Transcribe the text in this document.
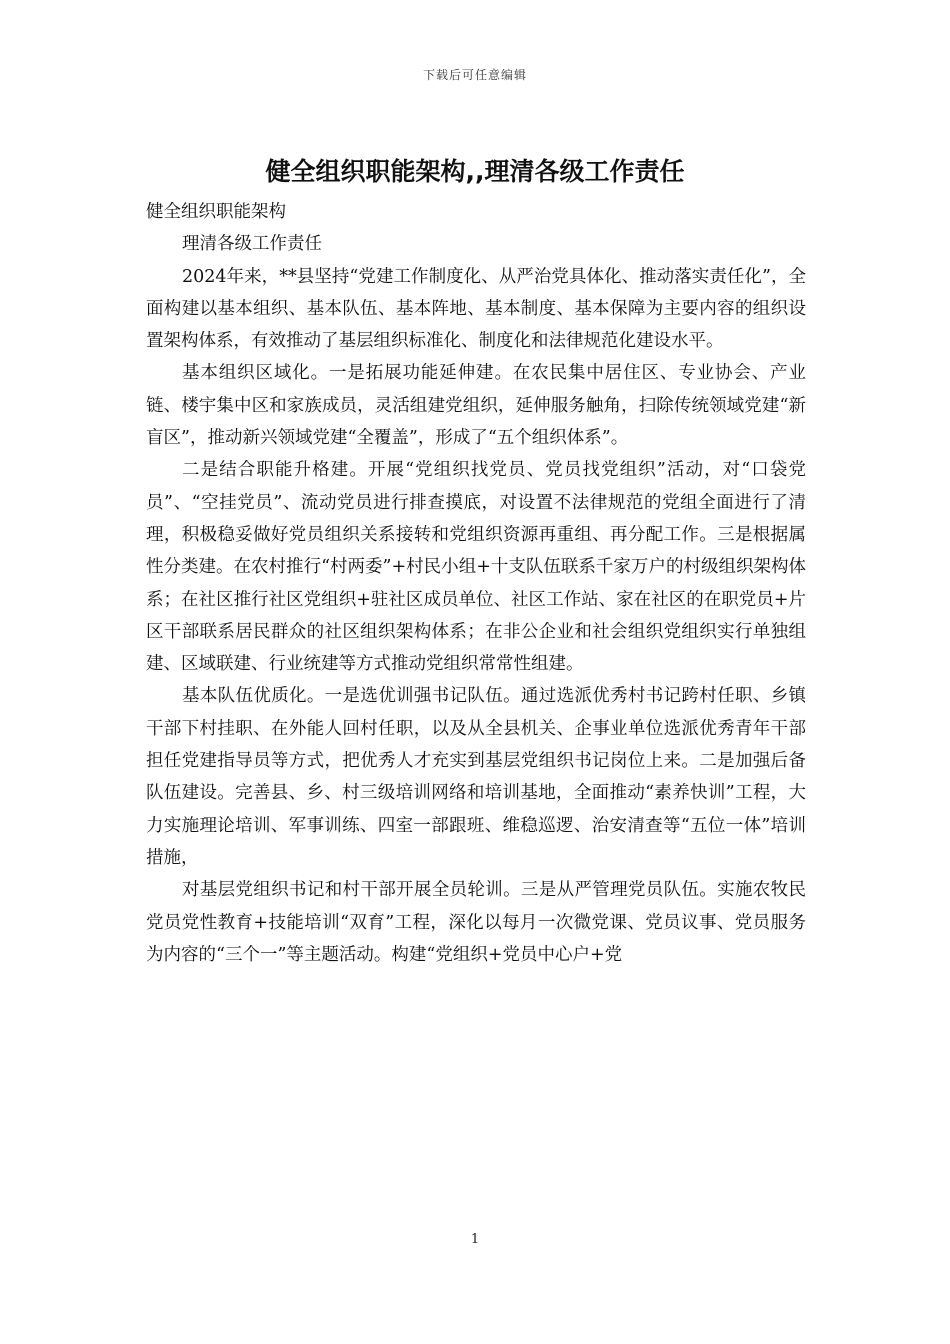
下载后可任意编辑
健全组织职能架构,,理清各级工作责任

健全组织职能架构

理清各级工作责任

2024年来，**县坚持“党建工作制度化、从严治党具体化、推动落实责任化”，全面构建以基本组织、基本队伍、基本阵地、基本制度、基本保障为主要内容的组织设置架构体系，有效推动了基层组织标准化、制度化和法律规范化建设水平。

基本组织区域化。一是拓展功能延伸建。在农民集中居住区、专业协会、产业链、楼宇集中区和家族成员，灵活组建党组织，延伸服务触角，扫除传统领域党建“新盲区”，推动新兴领域党建“全覆盖”，形成了“五个组织体系”。

二是结合职能升格建。开展“党组织找党员、党员找党组织”活动，对“口袋党员”、“空挂党员”、流动党员进行排查摸底，对设置不法律规范的党组全面进行了清理，积极稳妥做好党员组织关系接转和党组织资源再重组、再分配工作。三是根据属性分类建。在农村推行“村两委”+村民小组+十支队伍联系千家万户的村级组织架构体系；在社区推行社区党组织+驻社区成员单位、社区工作站、家在社区的在职党员+片区干部联系居民群众的社区组织架构体系；在非公企业和社会组织党组织实行单独组建、区域联建、行业统建等方式推动党组织常常性组建。

基本队伍优质化。一是选优训强书记队伍。通过选派优秀村书记跨村任职、乡镇干部下村挂职、在外能人回村任职，以及从全县机关、企事业单位选派优秀青年干部担任党建指导员等方式，把优秀人才充实到基层党组织书记岗位上来。二是加强后备队伍建设。完善县、乡、村三级培训网络和培训基地，全面推动“素养快训”工程，大力实施理论培训、军事训练、四室一部跟班、维稳巡逻、治安清查等“五位一体”培训措施，

对基层党组织书记和村干部开展全员轮训。三是从严管理党员队伍。实施农牧民党员党性教育+技能培训“双育”工程，深化以每月一次微党课、党员议事、党员服务为内容的“三个一”等主题活动。构建“党组织+党员中心户+党

1
